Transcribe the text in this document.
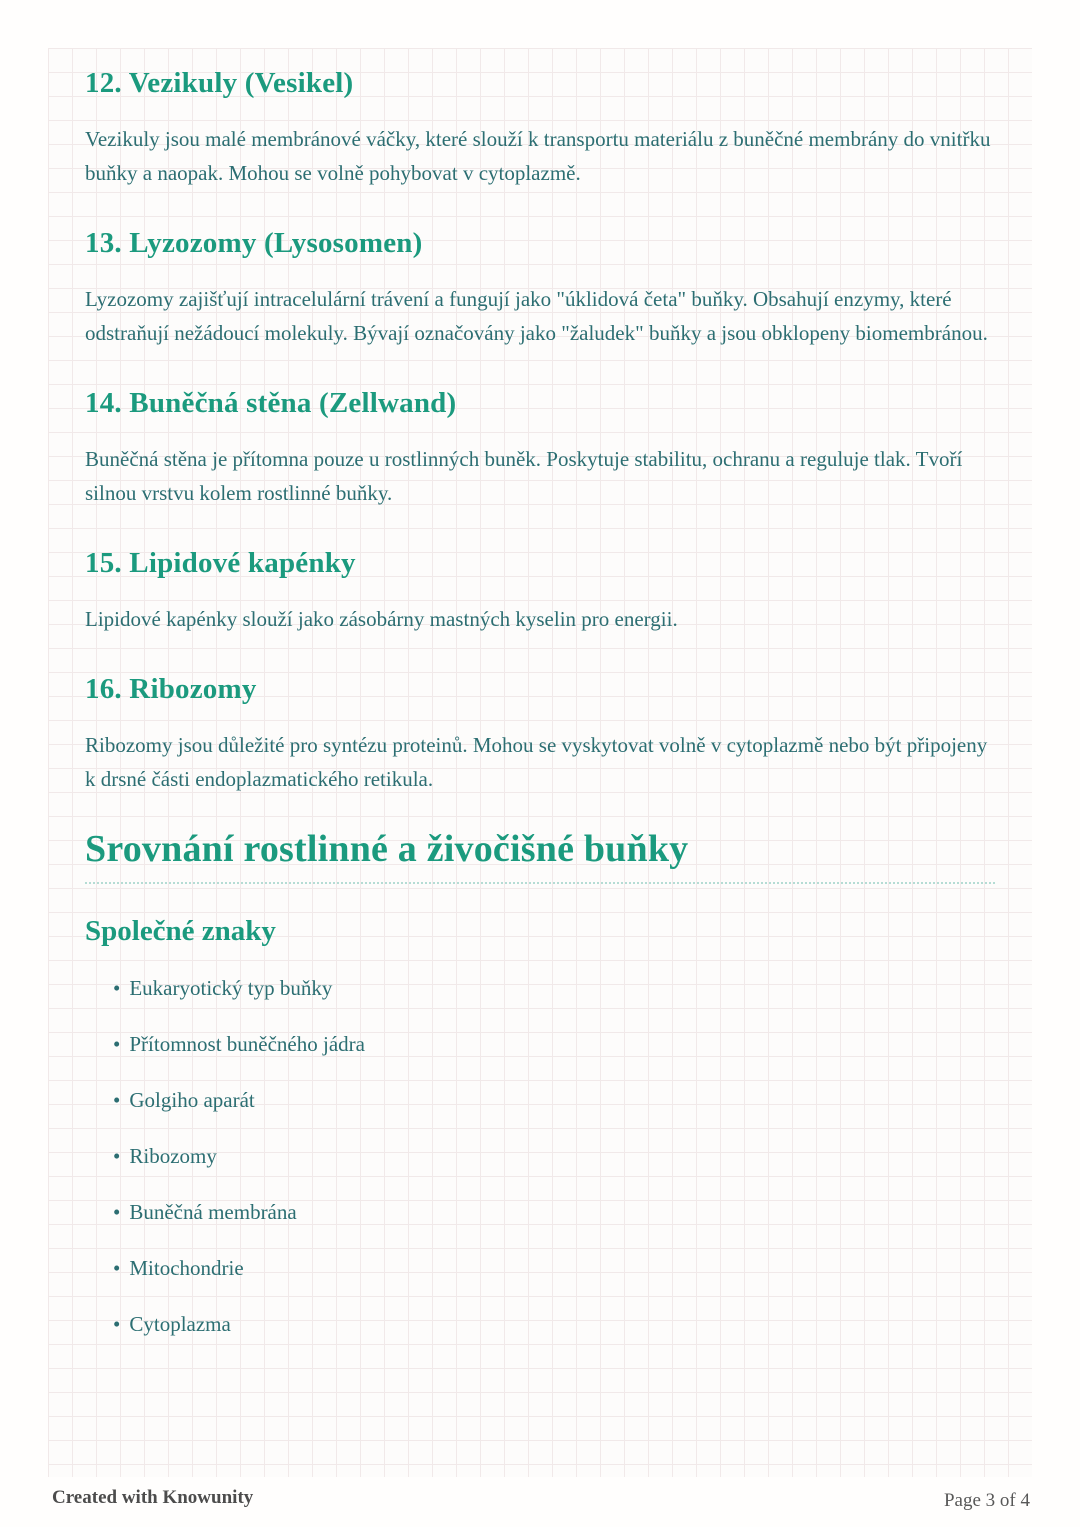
12. Vezikuly (Vesikel)

Vezikuly jsou malé membránové váčky, které slouží k transportu materiálu z buněčné membrány do vnitřku buňky a naopak. Mohou se volně pohybovat v cytoplazmě.

13. Lyzozomy (Lysosomen)

Lyzozomy zajišťují intracelulární trávení a fungují jako "úklidová četa" buňky. Obsahují enzymy, které odstraňují nežádoucí molekuly. Bývají označovány jako "žaludek" buňky a jsou obklopeny biomembránou.

14. Buněčná stěna (Zellwand)

Buněčná stěna je přítomna pouze u rostlinných buněk. Poskytuje stabilitu, ochranu a reguluje tlak. Tvoří silnou vrstvu kolem rostlinné buňky.

15. Lipidové kapénky

Lipidové kapénky slouží jako zásobárny mastných kyselin pro energii.

16. Ribozomy

Ribozomy jsou důležité pro syntézu proteinů. Mohou se vyskytovat volně v cytoplazmě nebo být připojeny k drsné části endoplazmatického retikula.

Srovnání rostlinné a živočišné buňky
Společné znaky
• Eukaryotický typ buňky
• Přítomnost buněčného jádra
• Golgiho aparát
• Ribozomy
• Buněčná membrána
• Mitochondrie
• Cytoplazma
Created with Knowunity	Page 3 of 4
